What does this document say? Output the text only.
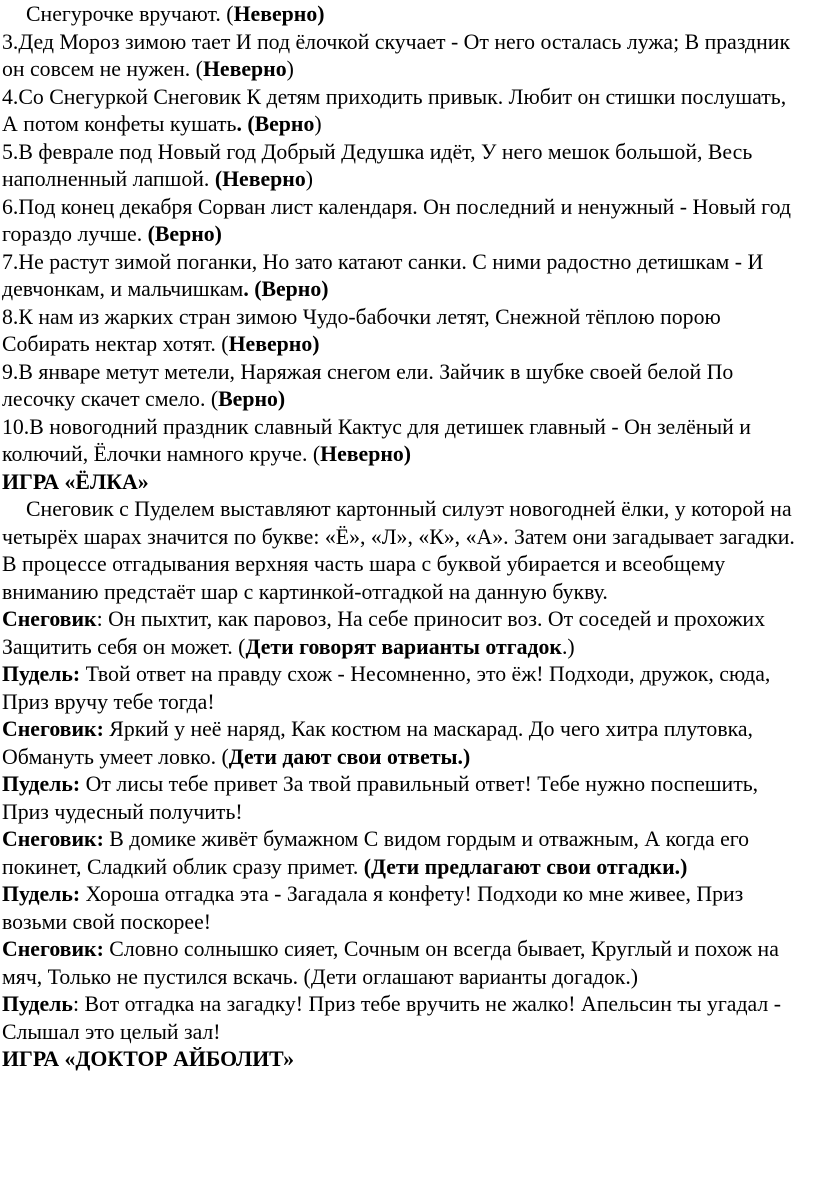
Снегурочке вручают. (Неверно)

3.Дед Мороз зимою тает И под ёлочкой скучает - От него осталась лужа; В праздник он совсем не нужен. (Неверно)

4.Со Снегуркой Снеговик К детям приходить привык. Любит он стишки послушать, А потом конфеты кушать. (Верно)

5.В феврале под Новый год Добрый Дедушка идёт, У него мешок большой, Весь наполненный лапшой. (Неверно)

6.Под конец декабря Сорван лист календаря. Он последний и ненужный - Новый год гораздо лучше. (Верно)

7.Не растут зимой поганки, Но зато катают санки. С ними радостно детишкам - И девчонкам, и мальчишкам. (Верно)

8.К нам из жарких стран зимою Чудо-бабочки летят, Снежной тёплою порою Собирать нектар хотят. (Неверно)

9.В январе метут метели, Наряжая снегом ели. Зайчик в шубке своей белой По лесочку скачет смело. (Верно)

10.В новогодний праздник славный Кактус для детишек главный - Он зелёный и колючий, Ёлочки намного круче. (Неверно)

ИГРА «ЁЛКА»

Снеговик с Пуделем выставляют картонный силуэт новогодней ёлки, у которой на четырёх шарах значится по букве: «Ё», «Л», «К», «А». Затем они загадывает загадки. В процессе отгадывания верхняя часть шара с буквой убирается и всеобщему вниманию предстаёт шар с картинкой-отгадкой на данную букву.

Снеговик: Он пыхтит, как паровоз, На себе приносит воз. От соседей и прохожих Защитить себя он может. (Дети говорят варианты отгадок.)

Пудель: Твой ответ на правду схож - Несомненно, это ёж! Подходи, дружок, сюда, Приз вручу тебе тогда!

Снеговик: Яркий у неё наряд, Как костюм на маскарад. До чего хитра плутовка, Обмануть умеет ловко. (Дети дают свои ответы.)

Пудель: От лисы тебе привет За твой правильный ответ! Тебе нужно поспешить, Приз чудесный получить!

Снеговик: В домике живёт бумажном С видом гордым и отважным, А когда его покинет, Сладкий облик сразу примет. (Дети предлагают свои отгадки.)

Пудель: Хороша отгадка эта - Загадала я конфету! Подходи ко мне живее, Приз возьми свой поскорее!

Снеговик: Словно солнышко сияет, Сочным он всегда бывает, Круглый и похож на мяч, Только не пустился вскачь. (Дети оглашают варианты догадок.)

Пудель: Вот отгадка на загадку! Приз тебе вручить не жалко! Апельсин ты угадал - Слышал это целый зал!

ИГРА «ДОКТОР АЙБОЛИТ»
